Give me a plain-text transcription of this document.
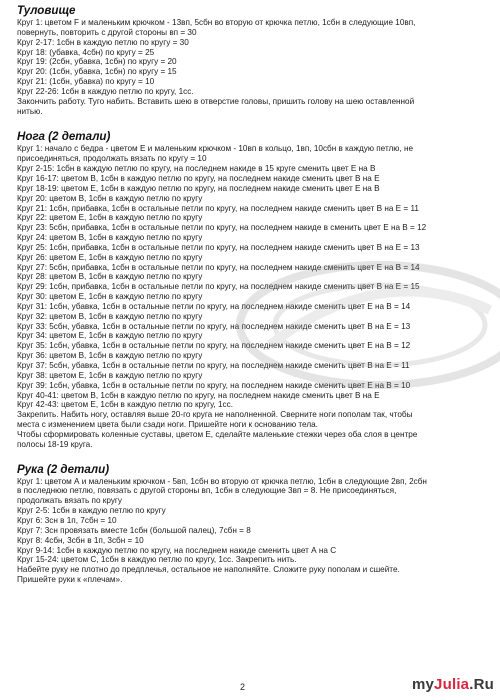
Туловище
Круг 1: цветом F и маленьким крючком - 13вп, 5сбн во вторую от крючка петлю, 1сбн в следующие 10вп,
повернуть, повторить с другой стороны вп = 30
Круг 2-17: 1сбн в каждую петлю по кругу = 30
Круг 18: (убавка, 4сбн) по кругу = 25
Круг 19: (2сбн, убавка, 1сбн) по кругу = 20
Круг 20: (1сбн, убавка, 1сбн) по кругу = 15
Круг 21: (1сбн, убавка) по кругу = 10
Круг 22-26: 1сбн в каждую петлю по кругу, 1сс.
Закончить работу. Туго набить. Вставить шею в отверстие головы, пришить голову на шею оставленной
нитью.
Нога (2 детали)
Круг 1: начало с бедра - цветом Е и маленьким крючком - 10вп в кольцо, 1вп, 10сбн в каждую петлю, не
присоединяться, продолжать вязать по кругу = 10
Круг 2-15: 1сбн в каждую петлю по кругу, на последнем накиде в 15 круге сменить цвет Е на В
Круг 16-17: цветом В, 1сбн в каждую петлю по кругу, на последнем накиде сменить цвет В на Е
Круг 18-19: цветом Е, 1сбн в каждую петлю по кругу, на последнем накиде сменить цвет Е на В
Круг 20: цветом В, 1сбн в каждую петлю по кругу
Круг 21: 1сбн, прибавка, 1сбн в остальные петли по кругу, на последнем накиде сменить цвет В на Е = 11
Круг 22: цветом Е, 1сбн в каждую петлю по кругу
Круг 23: 5сбн, прибавка, 1сбн в остальные петли по кругу, на последнем накиде в сменить цвет Е на В = 12
Круг 24: цветом В, 1сбн в каждую петлю по кругу
Круг 25: 1сбн, прибавка, 1сбн в остальные петли по кругу, на последнем накиде сменить цвет В на Е = 13
Круг 26: цветом Е, 1сбн в каждую петлю по кругу
Круг 27: 5сбн, прибавка, 1сбн в остальные петли по кругу, на последнем накиде сменить цвет Е на В = 14
Круг 28: цветом В, 1сбн в каждую петлю по кругу
Круг 29: 1сбн, прибавка, 1сбн в остальные петли по кругу, на последнем накиде сменить цвет В на Е = 15
Круг 30: цветом Е, 1сбн в каждую петлю по кругу
Круг 31: 1сбн, убавка, 1сбн в остальные петли по кругу, на последнем накиде сменить цвет Е на В = 14
Круг 32: цветом В, 1сбн в каждую петлю по кругу
Круг 33: 5сбн, убавка, 1сбн в остальные петли по кругу, на последнем накиде сменить цвет В на Е = 13
Круг 34: цветом Е, 1сбн в каждую петлю по кругу
Круг 35: 1сбн, убавка, 1сбн в остальные петли по кругу, на последнем накиде сменить цвет Е на В = 12
Круг 36: цветом В, 1сбн в каждую петлю по кругу
Круг 37: 5сбн, убавка, 1сбн в остальные петли по кругу, на последнем накиде сменить цвет В на Е = 11
Круг 38: цветом Е, 1сбн в каждую петлю по кругу
Круг 39: 1сбн, убавка, 1сбн в остальные петли по кругу, на последнем накиде сменить цвет Е на В = 10
Круг 40-41: цветом В, 1сбн в каждую петлю по кругу, на последнем накиде сменить цвет В на Е
Круг 42-43: цветом Е, 1сбн в каждую петлю по кругу, 1сс.
Закрепить. Набить ногу, оставляя выше 20-го круга не наполненной. Сверните ноги пополам так, чтобы
места с изменением цвета были сзади ноги. Пришейте ноги к основанию тела.
Чтобы сформировать коленные суставы, цветом Е, сделайте маленькие стежки через оба слоя в центре
полосы 18-19 круга.
Рука (2 детали)
Круг 1: цветом А и маленьким крючком - 5вп, 1сбн во вторую от крючка петлю, 1сбн в следующие 2вп, 2сбн
в последнюю петлю, повязать с другой стороны вп, 1сбн в следующие 3вп = 8. Не присоединяться,
продолжать вязать по кругу
Круг 2-5: 1сбн в каждую петлю по кругу
Круг 6: 3сн в 1п, 7сбн = 10
Круг 7: 3сн провязать вместе 1сбн (большой палец), 7сбн = 8
Круг 8: 4сбн, 3сбн в 1п, 3сбн = 10
Круг 9-14: 1сбн в каждую петлю по кругу, на последнем накиде сменить цвет А на С
Круг 15-24: цветом С, 1сбн в каждую петлю по кругу, 1сс. Закрепить нить.
Набейте руку не плотно до предплечья, остальное не наполняйте. Сложите руку пополам и сшейте.
Пришейте руки к «плечам».
2	myJulia.Ru
